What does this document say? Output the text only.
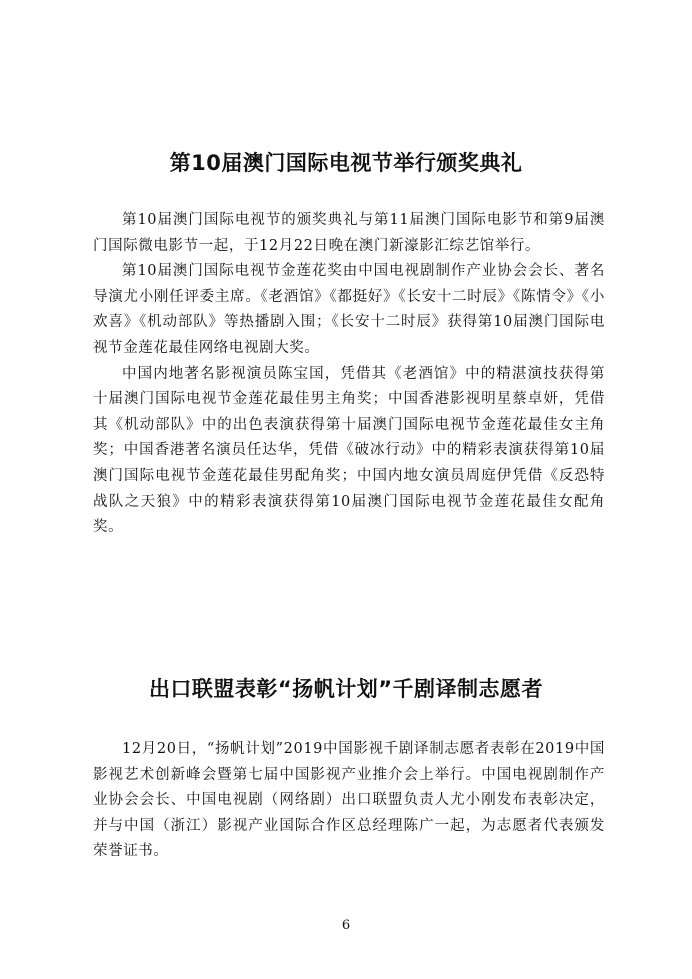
第10届澳门国际电视节举行颁奖典礼

第10届澳门国际电视节的颁奖典礼与第11届澳门国际电影节和第9届澳门国际微电影节一起，于12月22日晚在澳门新濠影汇综艺馆举行。

第10届澳门国际电视节金莲花奖由中国电视剧制作产业协会会长、著名导演尤小刚任评委主席。《老酒馆》《都挺好》《长安十二时辰》《陈情令》《小欢喜》《机动部队》等热播剧入围；《长安十二时辰》获得第10届澳门国际电视节金莲花最佳网络电视剧大奖。

中国内地著名影视演员陈宝国，凭借其《老酒馆》中的精湛演技获得第十届澳门国际电视节金莲花最佳男主角奖；中国香港影视明星蔡卓妍，凭借其《机动部队》中的出色表演获得第十届澳门国际电视节金莲花最佳女主角奖；中国香港著名演员任达华，凭借《破冰行动》中的精彩表演获得第10届澳门国际电视节金莲花最佳男配角奖；中国内地女演员周庭伊凭借《反恐特战队之天狼》中的精彩表演获得第10届澳门国际电视节金莲花最佳女配角奖。

出口联盟表彰“扬帆计划”千剧译制志愿者

12月20日，“扬帆计划”2019中国影视千剧译制志愿者表彰在2019中国影视艺术创新峰会暨第七届中国影视产业推介会上举行。中国电视剧制作产业协会会长、中国电视剧（网络剧）出口联盟负责人尤小刚发布表彰决定，并与中国（浙江）影视产业国际合作区总经理陈广一起，为志愿者代表颁发荣誉证书。

6
